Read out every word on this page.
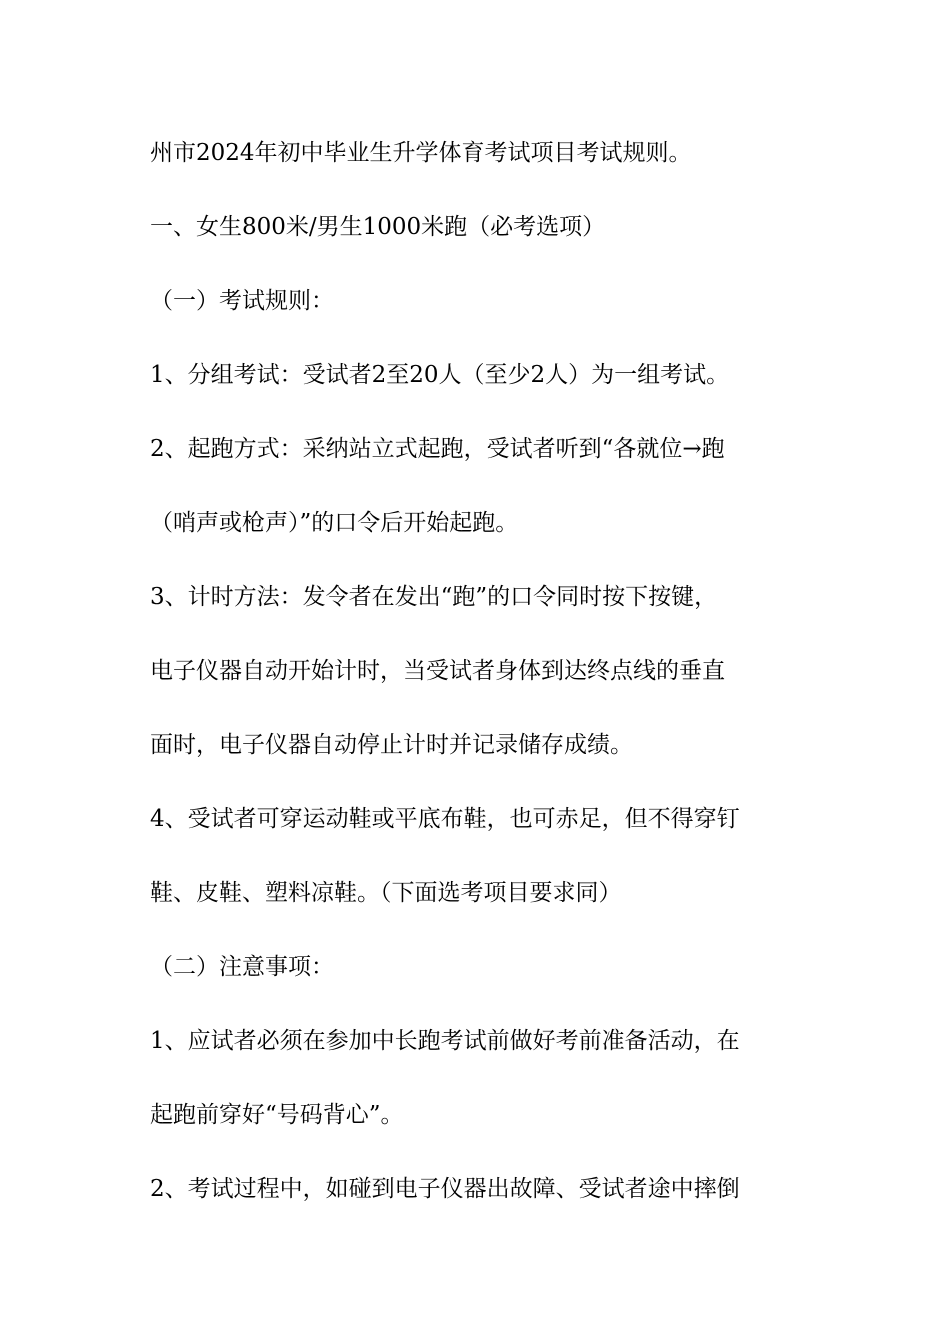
州市2024年初中毕业生升学体育考试项目考试规则。
一、女生800米/男生1000米跑（必考选项）
（一）考试规则：
1、分组考试：受试者2至20人（至少2人）为一组考试。
2、起跑方式：采纳站立式起跑，受试者听到“各就位→跑
（哨声或枪声）”的口令后开始起跑。
3、计时方法：发令者在发出“跑”的口令同时按下按键，
电子仪器自动开始计时，当受试者身体到达终点线的垂直
面时，电子仪器自动停止计时并记录储存成绩。
4、受试者可穿运动鞋或平底布鞋，也可赤足，但不得穿钉
鞋、皮鞋、塑料凉鞋。（下面选考项目要求同）
（二）注意事项：
1、应试者必须在参加中长跑考试前做好考前准备活动，在
起跑前穿好“号码背心”。
2、考试过程中，如碰到电子仪器出故障、受试者途中摔倒
